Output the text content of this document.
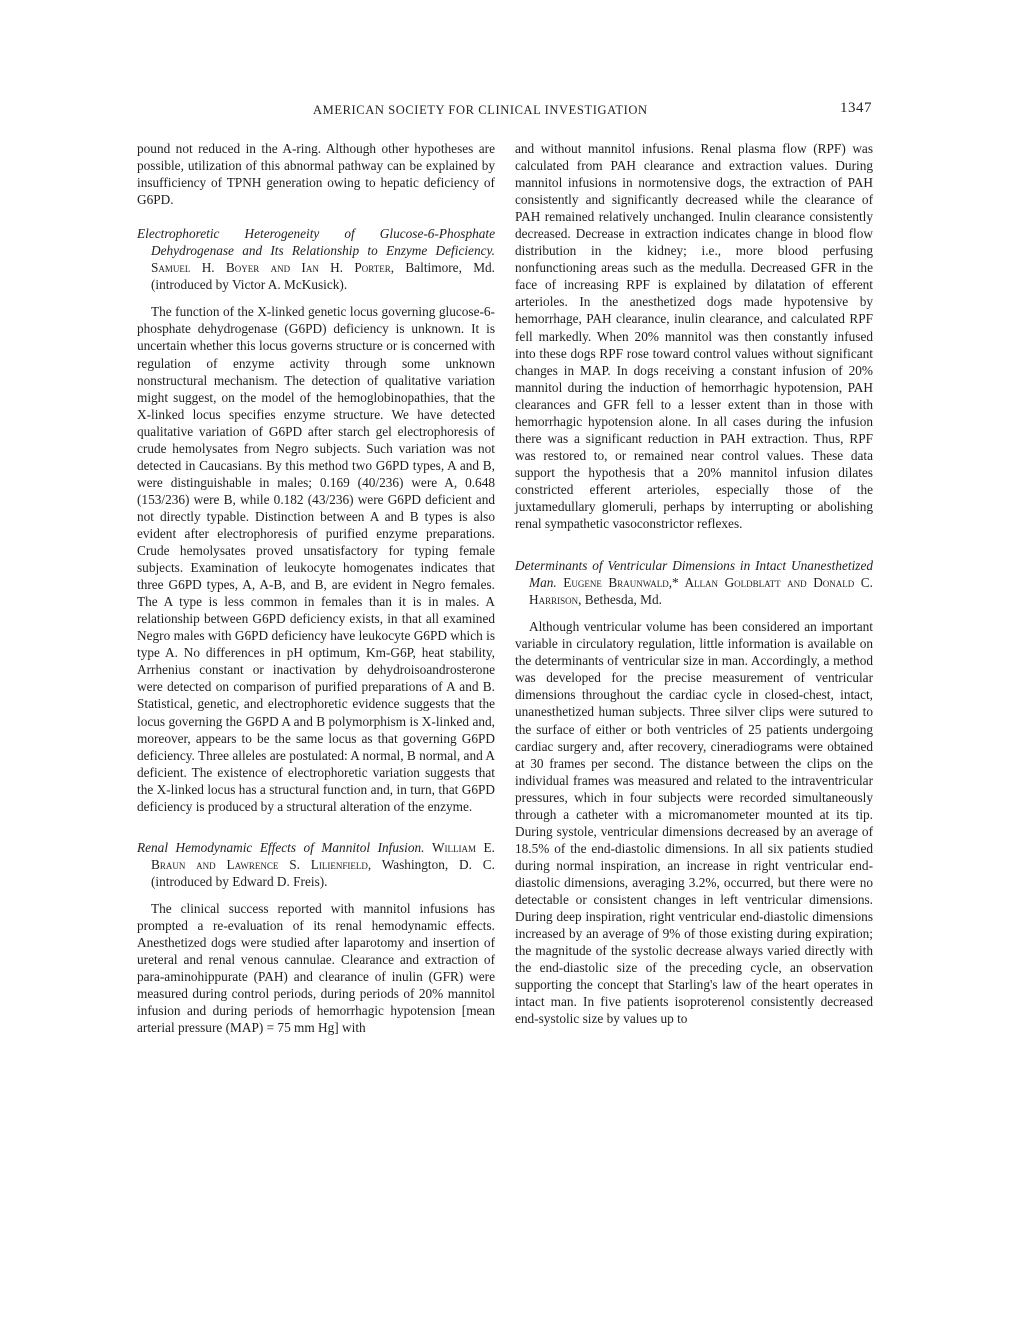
AMERICAN SOCIETY FOR CLINICAL INVESTIGATION	1347

pound not reduced in the A-ring. Although other hypotheses are possible, utilization of this abnormal pathway can be explained by insufficiency of TPNH generation owing to hepatic deficiency of G6PD.

Electrophoretic Heterogeneity of Glucose-6-Phosphate Dehydrogenase and Its Relationship to Enzyme Deficiency. Samuel H. Boyer and Ian H. Porter, Baltimore, Md. (introduced by Victor A. McKusick).

The function of the X-linked genetic locus governing glucose-6-phosphate dehydrogenase (G6PD) deficiency is unknown. It is uncertain whether this locus governs structure or is concerned with regulation of enzyme activity through some unknown nonstructural mechanism. The detection of qualitative variation might suggest, on the model of the hemoglobinopathies, that the X-linked locus specifies enzyme structure. We have detected qualitative variation of G6PD after starch gel electrophoresis of crude hemolysates from Negro subjects. Such variation was not detected in Caucasians. By this method two G6PD types, A and B, were distinguishable in males; 0.169 (40/236) were A, 0.648 (153/236) were B, while 0.182 (43/236) were G6PD deficient and not directly typable. Distinction between A and B types is also evident after electrophoresis of purified enzyme preparations. Crude hemolysates proved unsatisfactory for typing female subjects. Examination of leukocyte homogenates indicates that three G6PD types, A, A-B, and B, are evident in Negro females. The A type is less common in females than it is in males. A relationship between G6PD deficiency exists, in that all examined Negro males with G6PD deficiency have leukocyte G6PD which is type A. No differences in pH optimum, Km-G6P, heat stability, Arrhenius constant or inactivation by dehydroisoandrosterone were detected on comparison of purified preparations of A and B. Statistical, genetic, and electrophoretic evidence suggests that the locus governing the G6PD A and B polymorphism is X-linked and, moreover, appears to be the same locus as that governing G6PD deficiency. Three alleles are postulated: A normal, B normal, and A deficient. The existence of electrophoretic variation suggests that the X-linked locus has a structural function and, in turn, that G6PD deficiency is produced by a structural alteration of the enzyme.

Renal Hemodynamic Effects of Mannitol Infusion. William E. Braun and Lawrence S. Lilienfield, Washington, D. C. (introduced by Edward D. Freis).

The clinical success reported with mannitol infusions has prompted a re-evaluation of its renal hemodynamic effects. Anesthetized dogs were studied after laparotomy and insertion of ureteral and renal venous cannulae. Clearance and extraction of para-aminohippurate (PAH) and clearance of inulin (GFR) were measured during control periods, during periods of 20% mannitol infusion and during periods of hemorrhagic hypotension [mean arterial pressure (MAP) = 75 mm Hg] with

and without mannitol infusions. Renal plasma flow (RPF) was calculated from PAH clearance and extraction values. During mannitol infusions in normotensive dogs, the extraction of PAH consistently and significantly decreased while the clearance of PAH remained relatively unchanged. Inulin clearance consistently decreased. Decrease in extraction indicates change in blood flow distribution in the kidney; i.e., more blood perfusing nonfunctioning areas such as the medulla. Decreased GFR in the face of increasing RPF is explained by dilatation of efferent arterioles. In the anesthetized dogs made hypotensive by hemorrhage, PAH clearance, inulin clearance, and calculated RPF fell markedly. When 20% mannitol was then constantly infused into these dogs RPF rose toward control values without significant changes in MAP. In dogs receiving a constant infusion of 20% mannitol during the induction of hemorrhagic hypotension, PAH clearances and GFR fell to a lesser extent than in those with hemorrhagic hypotension alone. In all cases during the infusion there was a significant reduction in PAH extraction. Thus, RPF was restored to, or remained near control values. These data support the hypothesis that a 20% mannitol infusion dilates constricted efferent arterioles, especially those of the juxtamedullary glomeruli, perhaps by interrupting or abolishing renal sympathetic vasoconstrictor reflexes.

Determinants of Ventricular Dimensions in Intact Unanesthetized Man. Eugene Braunwald,* Allan Goldblatt and Donald C. Harrison, Bethesda, Md.

Although ventricular volume has been considered an important variable in circulatory regulation, little information is available on the determinants of ventricular size in man. Accordingly, a method was developed for the precise measurement of ventricular dimensions throughout the cardiac cycle in closed-chest, intact, unanesthetized human subjects. Three silver clips were sutured to the surface of either or both ventricles of 25 patients undergoing cardiac surgery and, after recovery, cineradiograms were obtained at 30 frames per second. The distance between the clips on the individual frames was measured and related to the intraventricular pressures, which in four subjects were recorded simultaneously through a catheter with a micromanometer mounted at its tip. During systole, ventricular dimensions decreased by an average of 18.5% of the end-diastolic dimensions. In all six patients studied during normal inspiration, an increase in right ventricular end-diastolic dimensions, averaging 3.2%, occurred, but there were no detectable or consistent changes in left ventricular dimensions. During deep inspiration, right ventricular end-diastolic dimensions increased by an average of 9% of those existing during expiration; the magnitude of the systolic decrease always varied directly with the end-diastolic size of the preceding cycle, an observation supporting the concept that Starling's law of the heart operates in intact man. In five patients isoproterenol consistently decreased end-systolic size by values up to
